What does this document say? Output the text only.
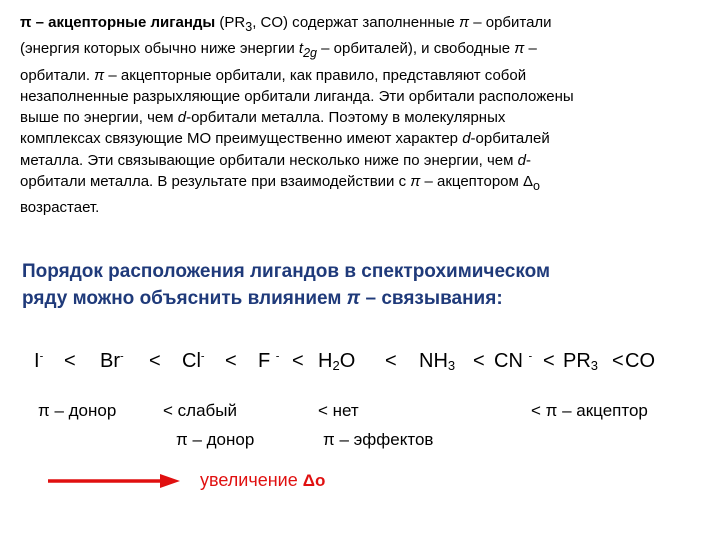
π – акцепторные лиганды ($PR_3$, CO) содержат заполненные π – орбитали
(энергия которых обычно ниже энергии $t_{2g}$ – орбиталей), и свободные π –
орбитали. π – акцепторные орбитали, как правило, представляют собой
незаполненные разрыхляющие орбитали лиганда. Эти орбитали расположены
выше по энергии, чем d-орбитали металла. Поэтому в молекулярных
комплексах связующие МО преимущественно имеют характер d-орбиталей
металла. Эти связывающие орбитали несколько ниже по энергии, чем d-
орбитали металла. В результате при взаимодействии с π – акцептором $\Delta_о$
возрастает.
Порядок расположения лигандов в спектрохимическом
ряду можно объяснить влиянием π – связывания:
I- < Br- < Cl- < F $^- < H_2O < NH_3$ < CN $^- < PR_3$ < CO
π – донор	< слабый
π – донор
< нет
π – эффектов
< π – акцептор
увеличение Δо
